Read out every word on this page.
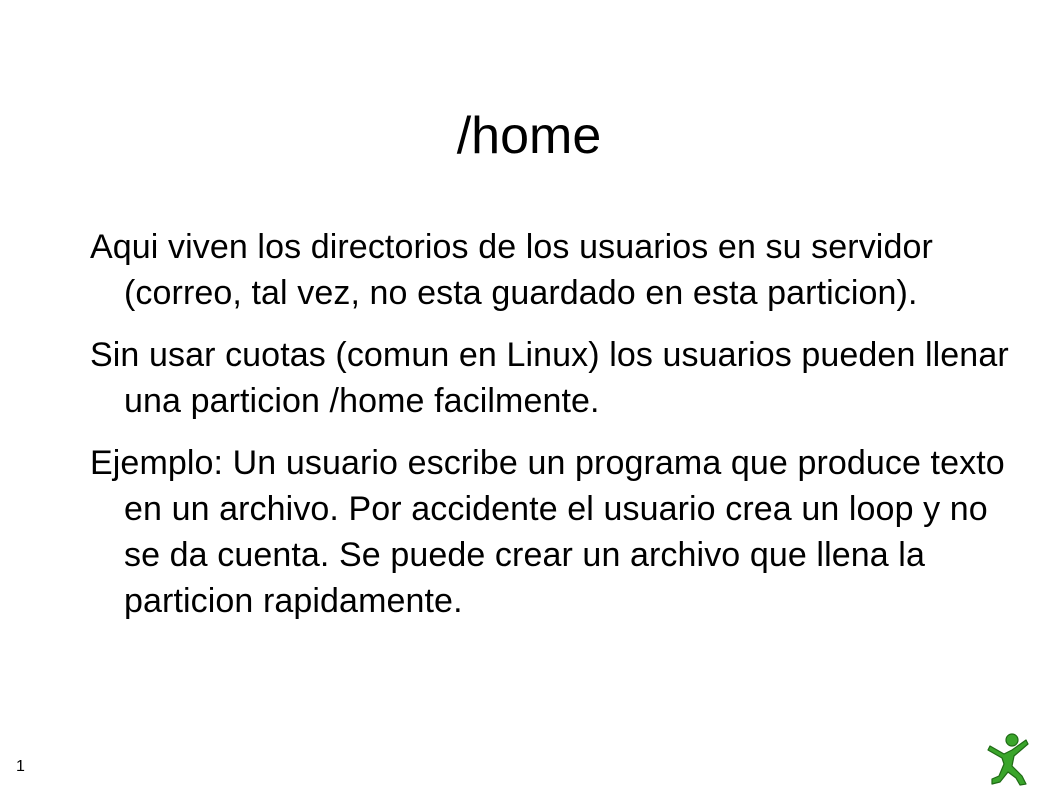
/home
Aqui viven los directorios de los usuarios en su servidor (correo, tal vez, no esta guardado en esta particion).
Sin usar cuotas (comun en Linux) los usuarios pueden llenar una particion /home facilmente.
Ejemplo: Un usuario escribe un programa que produce texto en un archivo. Por accidente el usuario crea un loop y no se da cuenta. Se puede crear un archivo que llena la particion rapidamente.
1
